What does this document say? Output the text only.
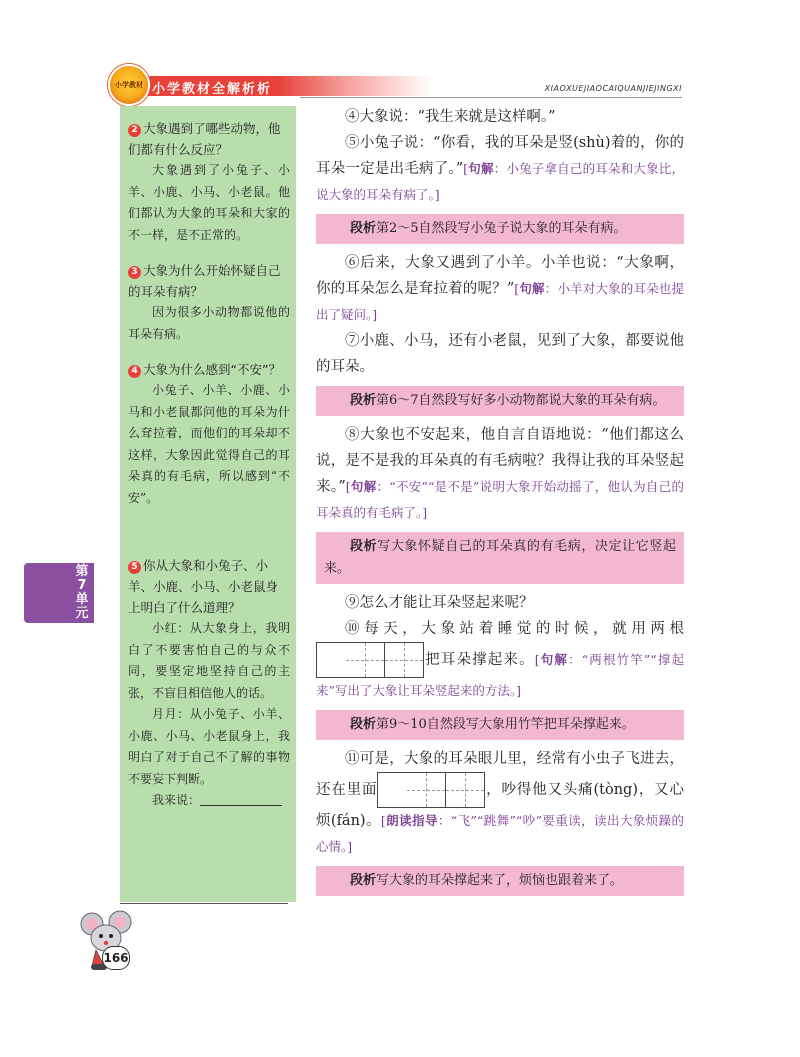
小学教材 小学教材全解析析	XIAOXUEJIAOCAIQUANJIEJINGXI
第7单元
2 大象遇到了哪些动物，他们都有什么反应？
大象遇到了小兔子、小羊、小鹿、小马、小老鼠。他们都认为大象的耳朵和大家的不一样，是不正常的。
3 大象为什么开始怀疑自己的耳朵有病？
因为很多小动物都说他的耳朵有病。
4 大象为什么感到“不安”？
小兔子、小羊、小鹿、小马和小老鼠都问他的耳朵为什么耷拉着，而他们的耳朵却不这样，大象因此觉得自己的耳朵真的有毛病，所以感到“不安”。
5 你从大象和小兔子、小羊、小鹿、小马、小老鼠身上明白了什么道理？

小红：从大象身上，我明白了不要害怕自己的与众不同，要坚定地坚持自己的主张，不盲目相信他人的话。

月月：从小兔子、小羊、小鹿、小马、小老鼠身上，我明白了对于自己不了解的事物不要妄下判断。

我来说：
166

④大象说：“我生来就是这样啊。”

⑤小兔子说：“你看，我的耳朵是竖(shù)着的，你的耳朵一定是出毛病了。”[句解：小兔子拿自己的耳朵和大象比，说大象的耳朵有病了。]

段析第2～5自然段写小兔子说大象的耳朵有病。

⑥后来，大象又遇到了小羊。小羊也说：“大象啊，你的耳朵怎么是耷拉着的呢？”[句解：小羊对大象的耳朵也提出了疑问。]

⑦小鹿、小马，还有小老鼠，见到了大象，都要说他的耳朵。

段析第6～7自然段写好多小动物都说大象的耳朵有病。

⑧大象也不安起来，他自言自语地说：“他们都这么说，是不是我的耳朵真的有毛病啦？我得让我的耳朵竖起来。”[句解：“不安”“是不是”说明大象开始动摇了，他认为自己的耳朵真的有毛病了。]

段析写大象怀疑自己的耳朵真的有毛病，决定让它竖起来。

⑨怎么才能让耳朵竖起来呢？

⑩每天，大象站着睡觉的时候，就用两根把耳朵撑起来。[句解：“两根竹竿”“撑起来”写出了大象让耳朵竖起来的方法。]

段析第9～10自然段写大象用竹竿把耳朵撑起来。

⑪可是，大象的耳朵眼儿里，经常有小虫子飞进去，还在里面	，吵得他又头痛(tòng)，又心烦(fán)。[朗读指导：“飞”“跳舞”“吵”要重读，读出大象烦躁的心情。]

段析写大象的耳朵撑起来了，烦恼也跟着来了。
